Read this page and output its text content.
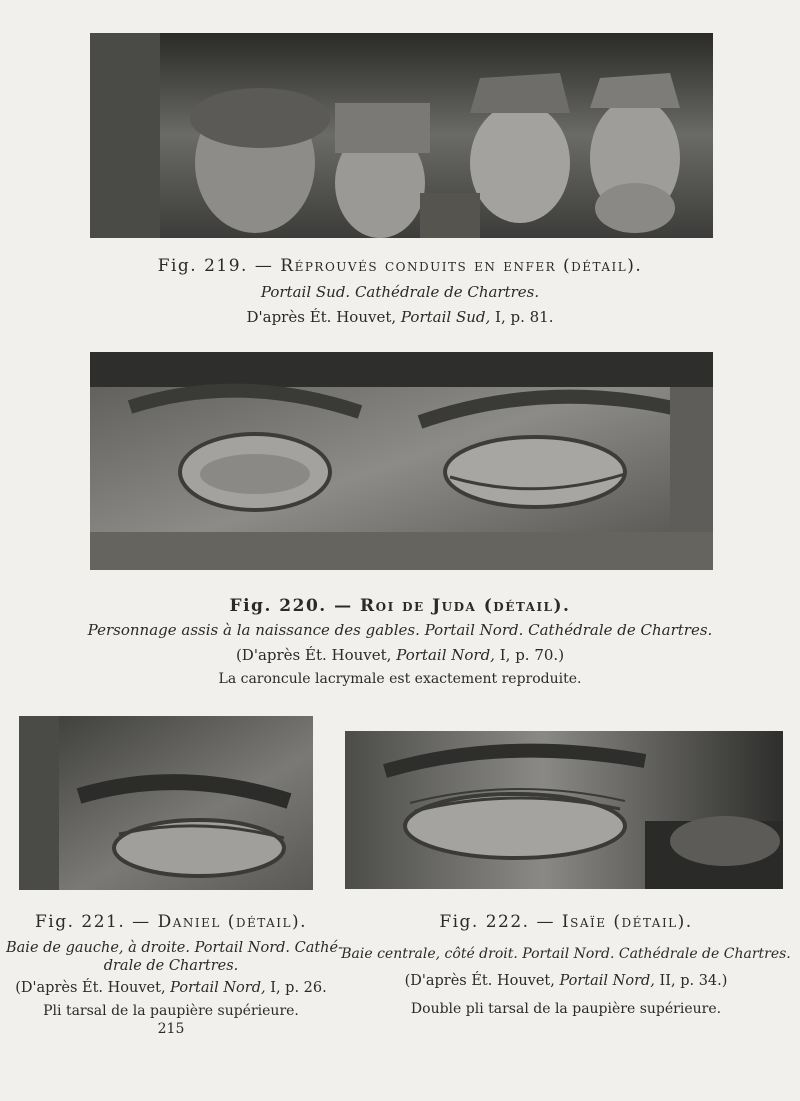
Fig. 219. — Réprouvés conduits en enfer (détail).
Portail Sud. Cathédrale de Chartres.
D'après Ét. Houvet, Portail Sud, I, p. 81.
Fig. 220. — Roi de Juda (détail).
Personnage assis à la naissance des gables. Portail Nord. Cathédrale de Chartres.
(D'après Ét. Houvet, Portail Nord, I, p. 70.)
La caroncule lacrymale est exactement reproduite.
Fig. 221. — Daniel (détail).
Baie de gauche, à droite. Portail Nord. Cathé-
drale de Chartres.
(D'après Ét. Houvet, Portail Nord, I, p. 26.
Pli tarsal de la paupière supérieure.
215
Fig. 222. — Isaïe (détail).
Baie centrale, côté droit. Portail Nord. Cathédrale de Chartres.
(D'après Ét. Houvet, Portail Nord, II, p. 34.)
Double pli tarsal de la paupière supérieure.
